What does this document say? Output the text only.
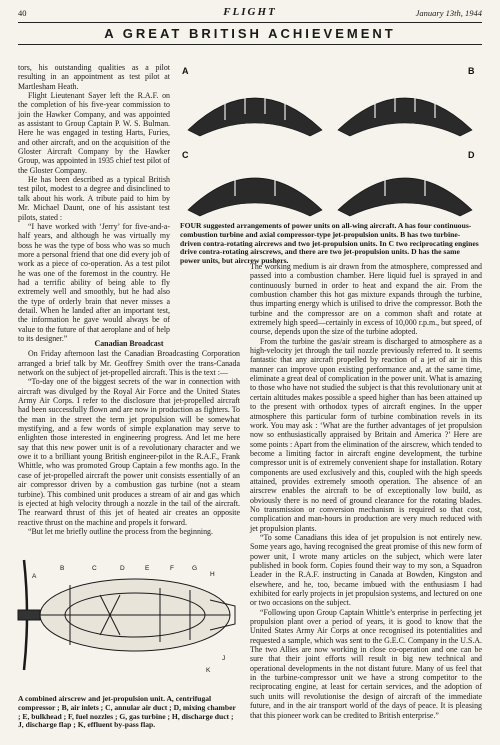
40	FLIGHT	January 13th, 1944
A GREAT BRITISH ACHIEVEMENT

tors, his outstanding qualities as a pilot resulting in an appointment as test pilot at Martlesham Heath.

Flight Lieutenant Sayer left the R.A.F. on the completion of his five-year commission to join the Hawker Company, and was appointed as assistant to Group Captain P. W. S. Bulman. Here he was engaged in testing Harts, Furies, and other aircraft, and on the acquisition of the Gloster Aircraft Company by the Hawker Group, was appointed in 1935 chief test pilot of the Gloster Company.

He has been described as a typical British test pilot, modest to a degree and disinclined to talk about his work. A tribute paid to him by Mr. Michael Daunt, one of his assistant test pilots, stated :

“I have worked with ‘Jerry’ for five-and-a-half years, and although he was virtually my boss he was the type of boss who was so much more a personal friend that one did every job of work as a piece of co-operation. As a test pilot he was one of the foremost in the country. He had a terrific ability of being able to fly extremely well and smoothly, but he had also the type of orderly brain that never misses a detail. When he landed after an important test, the information he gave would always be of value to the future of that aeroplane and of help to its designer.”

Canadian Broadcast

On Friday afternoon last the Canadian Broadcasting Corporation arranged a brief talk by Mr. Geoffrey Smith over the trans-Canada network on the subject of jet-propelled aircraft. This is the text :—

“To-day one of the biggest secrets of the war in connection with aircraft was divulged by the Royal Air Force and the United States Army Air Corps. I refer to the disclosure that jet-propelled aircraft had been successfully flown and are now in production as fighters. To the man in the street the term jet propulsion will be somewhat mystifying, and a few words of simple explanation may serve to enlighten those interested in engineering progress. And let me here say that this new power unit is of a revolutionary character and we owe it to a brilliant young British engineer-pilot in the R.A.F., Frank Whittle, who was promoted Group Captain a few months ago. In the case of jet-propelled aircraft the power unit consists essentially of an air compressor driven by a combustion gas turbine (not a steam turbine). This combined unit produces a stream of air and gas which is ejected at high velocity through a nozzle in the tail of the aircraft. The rearward thrust of this jet of heated air creates an opposite reactive thrust on the machine and propels it forward.

“But let me briefly outline the process from the beginning.

A	B
C	D
FOUR suggested arrangements of power units on all-wing aircraft. A has four continuous-combustion turbine and axial compressor-type jet-propulsion units. B has two turbine-driven contra-rotating aircrews and two jet-propulsion units. In C two reciprocating engines drive contra-rotating airscrews, and there are two jet-propulsion units. D has the same power units, but aircrew pushers.
A
B	C	D	E	F	G
H
J
K
A combined airscrew and jet-propulsion unit. A, centrifugal compressor ; B, air inlets ; C, annular air duct ; D, mixing chamber ; E, bulkhead ; F, fuel nozzles ; G, gas turbine ; H, discharge duct ; J, discharge flap ; K, effluent by-pass flap.

The working medium is air drawn from the atmosphere, compressed and passed into a combustion chamber. Here liquid fuel is sprayed in and continuously burned in order to heat and expand the air. From the combustion chamber this hot gas mixture expands through the turbine, thus imparting energy which is utilised to drive the compressor. Both the turbine and the compressor are on a common shaft and rotate at extremely high speed—certainly in excess of 10,000 r.p.m., but speed, of course, depends upon the size of the turbine adopted.

From the turbine the gas/air stream is discharged to atmosphere as a high-velocity jet through the tail nozzle previously referred to. It seems fantastic that any aircraft propelled by reaction of a jet of air in this manner can improve upon existing performance and, at the same time, eliminate a great deal of complication in the power unit. What is amazing to those who have not studied the subject is that this revolutionary unit at certain altitudes makes possible a speed higher than has been attained up to the present with orthodox types of aircraft engines. In the upper atmosphere this particular form of turbine combination revels in its work. You may ask : ‘What are the further advantages of jet propulsion now so enthusiastically appraised by Britain and America ?’ Here are some points : Apart from the elimination of the airscrew, which tended to become a limiting factor in aircraft engine development, the turbine compressor unit is of extremely convenient shape for installation. Rotary components are used exclusively and this, coupled with the high speeds attained, provides extremely smooth operation. The absence of an airscrew enables the aircraft to be of exceptionally low build, as obviously there is no need of ground clearance for the rotating blades. No transmission or conversion mechanism is required so that cost, complication and man-hours in production are very much reduced with jet propulsion plants.

“To some Canadians this idea of jet propulsion is not entirely new. Some years ago, having recognised the great promise of this new form of power unit, I wrote many articles on the subject, which were later published in book form. Copies found their way to my son, a Squadron Leader in the R.A.F. instructing in Canada at Bowden, Kingston and elsewhere, and he, too, became imbued with the enthusiasm I had exhibited for early projects in jet propulsion systems, and lectured on one or two occasions on the subject.

“Following upon Group Captain Whittle’s enterprise in perfecting jet propulsion plant over a period of years, it is good to know that the United States Army Air Corps at once recognised its potentialities and requested a sample, which was sent to the G.E.C. Company in the U.S.A. The two Allies are now working in close co-operation and one can be sure that their joint efforts will result in big new technical and operational developments in the not distant future. Many of us feel that in the turbine-compressor unit we have a strong competitor to the reciprocating engine, at least for certain services, and the adoption of such units will revolutionise the design of aircraft of the immediate future, and in the air transport world of the days of peace. It is pleasing that this pioneer work can be credited to British enterprise.”
